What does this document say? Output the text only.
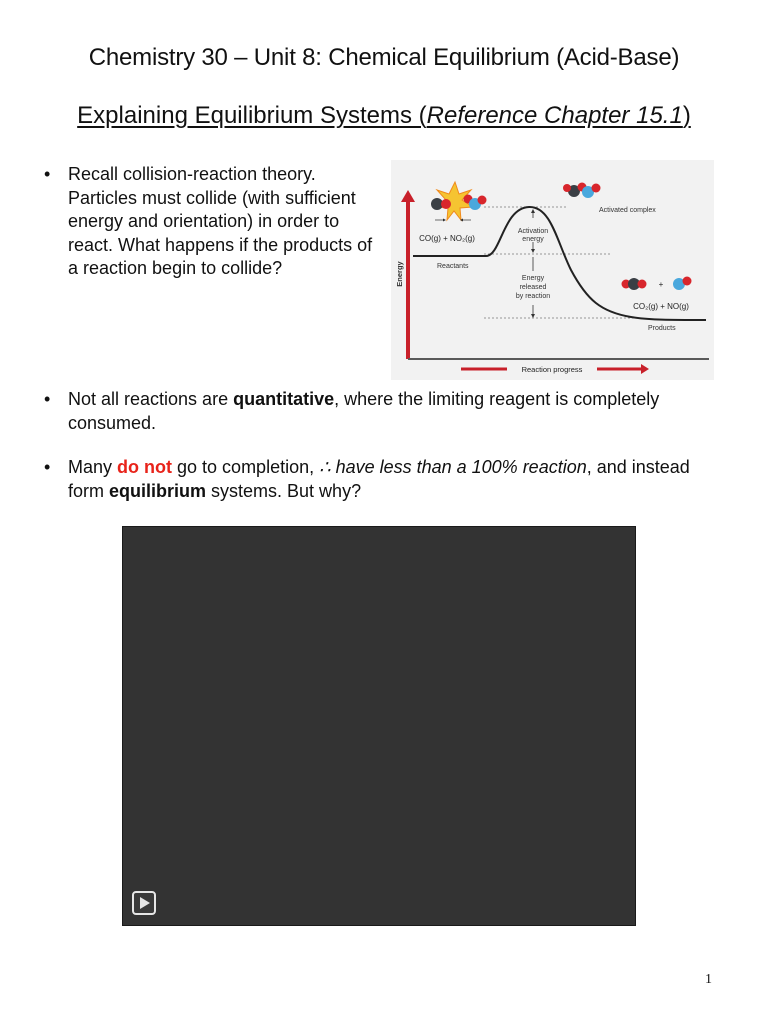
Chemistry 30 – Unit 8: Chemical Equilibrium (Acid-Base)
Explaining Equilibrium Systems (Reference Chapter 15.1)
• Recall collision-reaction theory. Particles must collide (with sufficient energy and orientation) in order to react. What happens if the products of a reaction begin to collide?	Energy
Reaction progress
Activation
energy
Energy
released
by reaction
CO(g) + NO₂(g)
Reactants
Activated complex
+
CO₂(g) + NO(g)
Products
• Not all reactions are quantitative, where the limiting reagent is completely consumed.
• Many do not go to completion, ∴ have less than a 100% reaction, and instead form equilibrium systems. But why?
1
